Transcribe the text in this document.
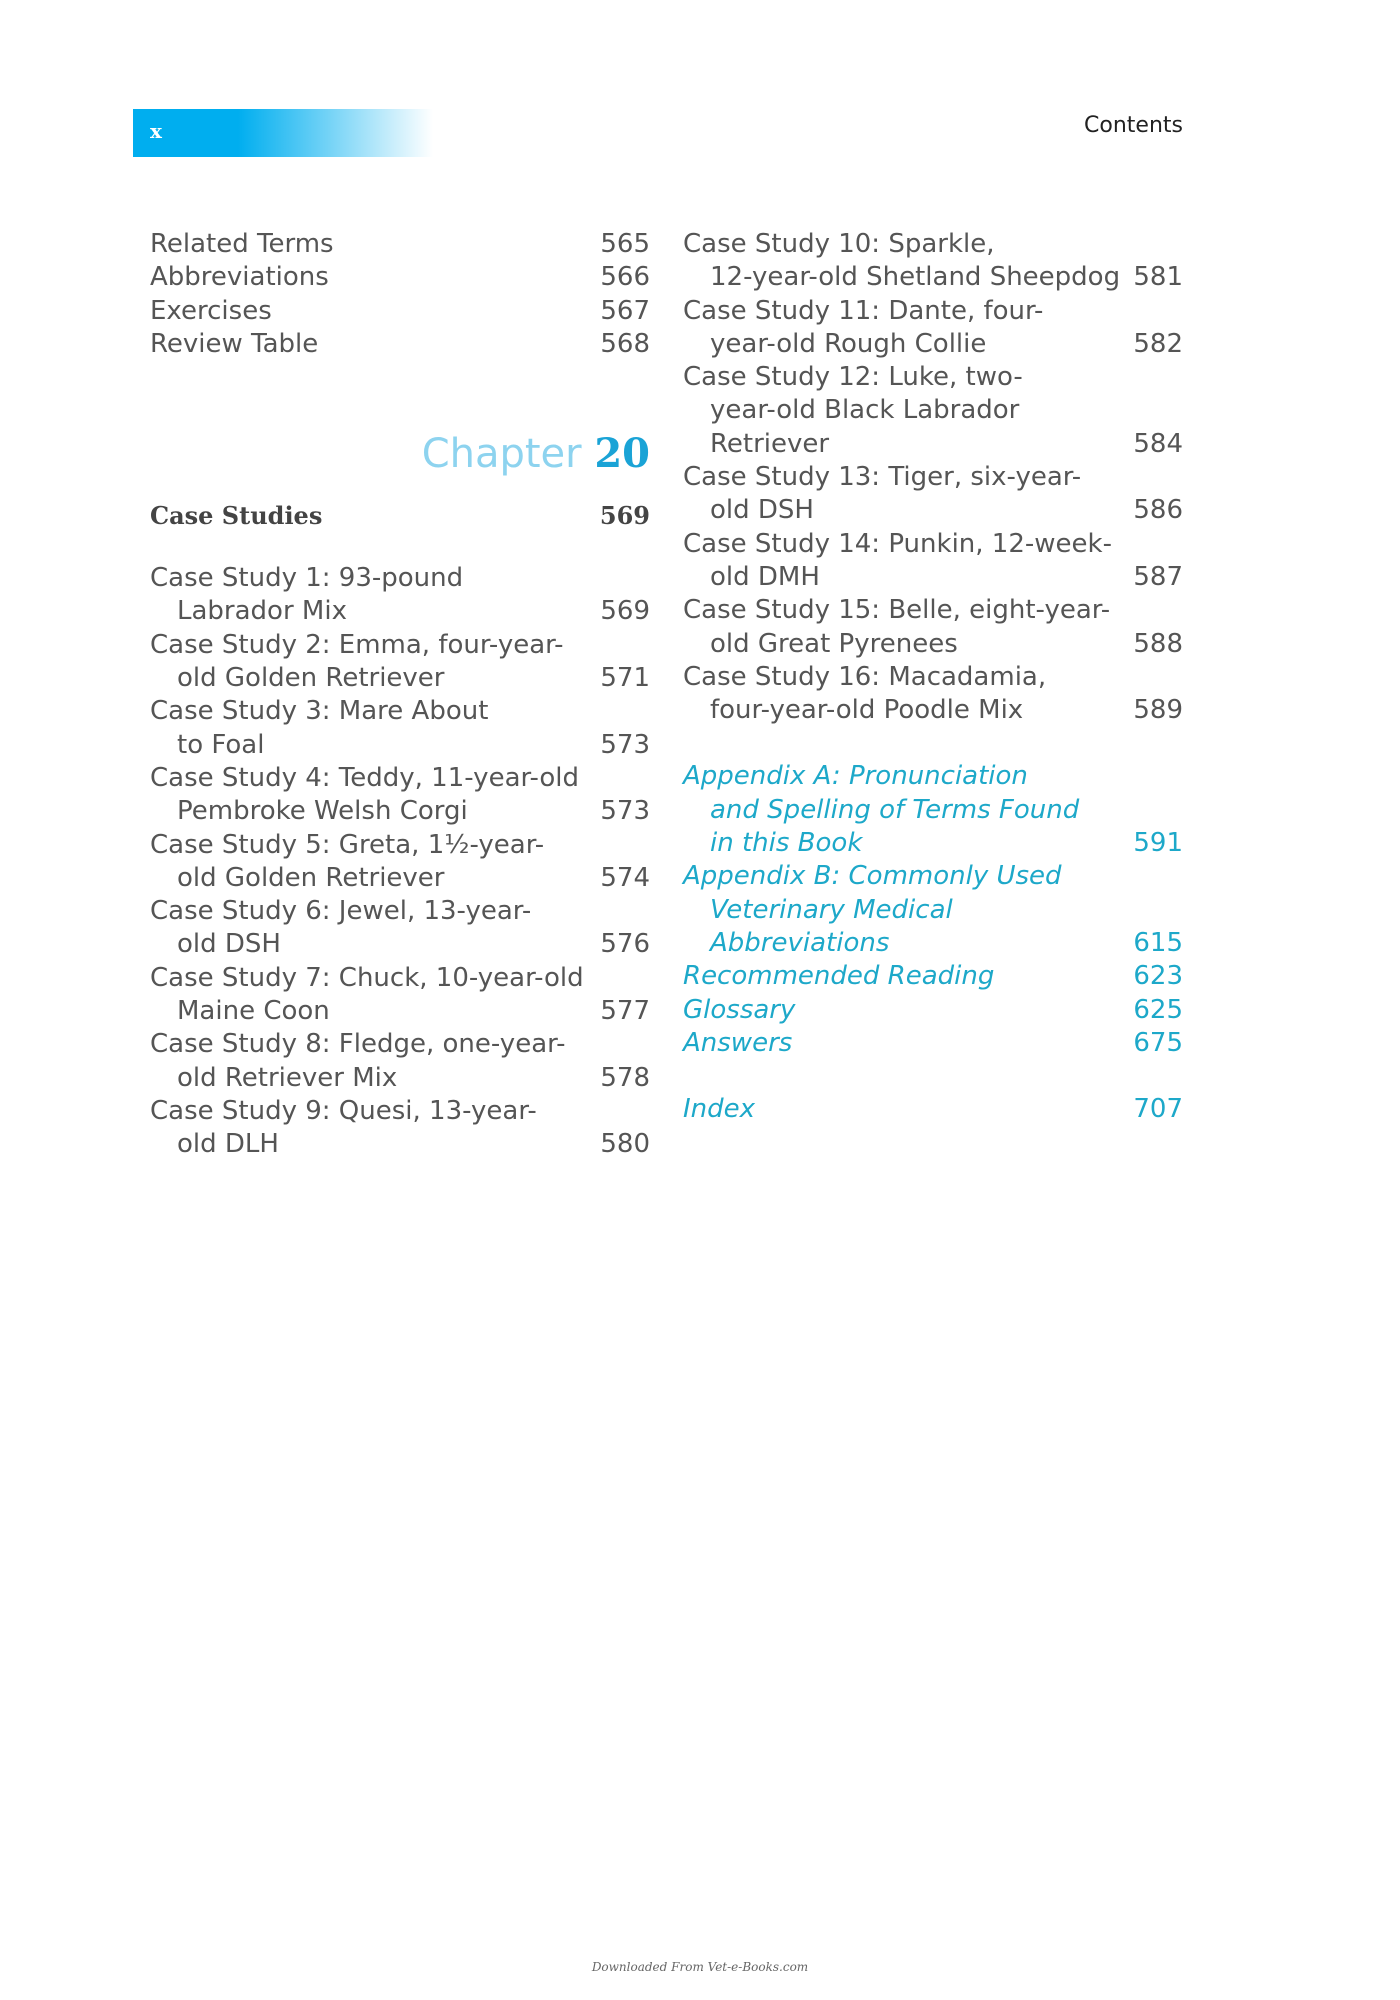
x	Contents
Related Terms	565
Abbreviations	566
Exercises	567
Review Table	568
Chapter 20
Case Studies	569
Case Study 1: 93-pound
Labrador Mix	569
Case Study 2: Emma, four-year-
old Golden Retriever	571
Case Study 3: Mare About
to Foal	573
Case Study 4: Teddy, 11-year-old
Pembroke Welsh Corgi	573
Case Study 5: Greta, 1½-year-
old Golden Retriever	574
Case Study 6: Jewel, 13-year-
old DSH	576
Case Study 7: Chuck, 10-year-old
Maine Coon	577
Case Study 8: Fledge, one-year-
old Retriever Mix	578
Case Study 9: Quesi, 13-year-
old DLH	580
Case Study 10: Sparkle,
12-year-old Shetland Sheepdog 581
Case Study 11: Dante, four-
year-old Rough Collie	582
Case Study 12: Luke, two-
year-old Black Labrador
Retriever	584
Case Study 13: Tiger, six-year-
old DSH	586
Case Study 14: Punkin, 12-week-
old DMH	587
Case Study 15: Belle, eight-year-
old Great Pyrenees	588
Case Study 16: Macadamia,
four-year-old Poodle Mix	589
Appendix A: Pronunciation
and Spelling of Terms Found
in this Book	591
Appendix B: Commonly Used
Veterinary Medical
Abbreviations	615
Recommended Reading	623
Glossary	625
Answers	675
Index	707
Downloaded From Vet-e-Books.com
